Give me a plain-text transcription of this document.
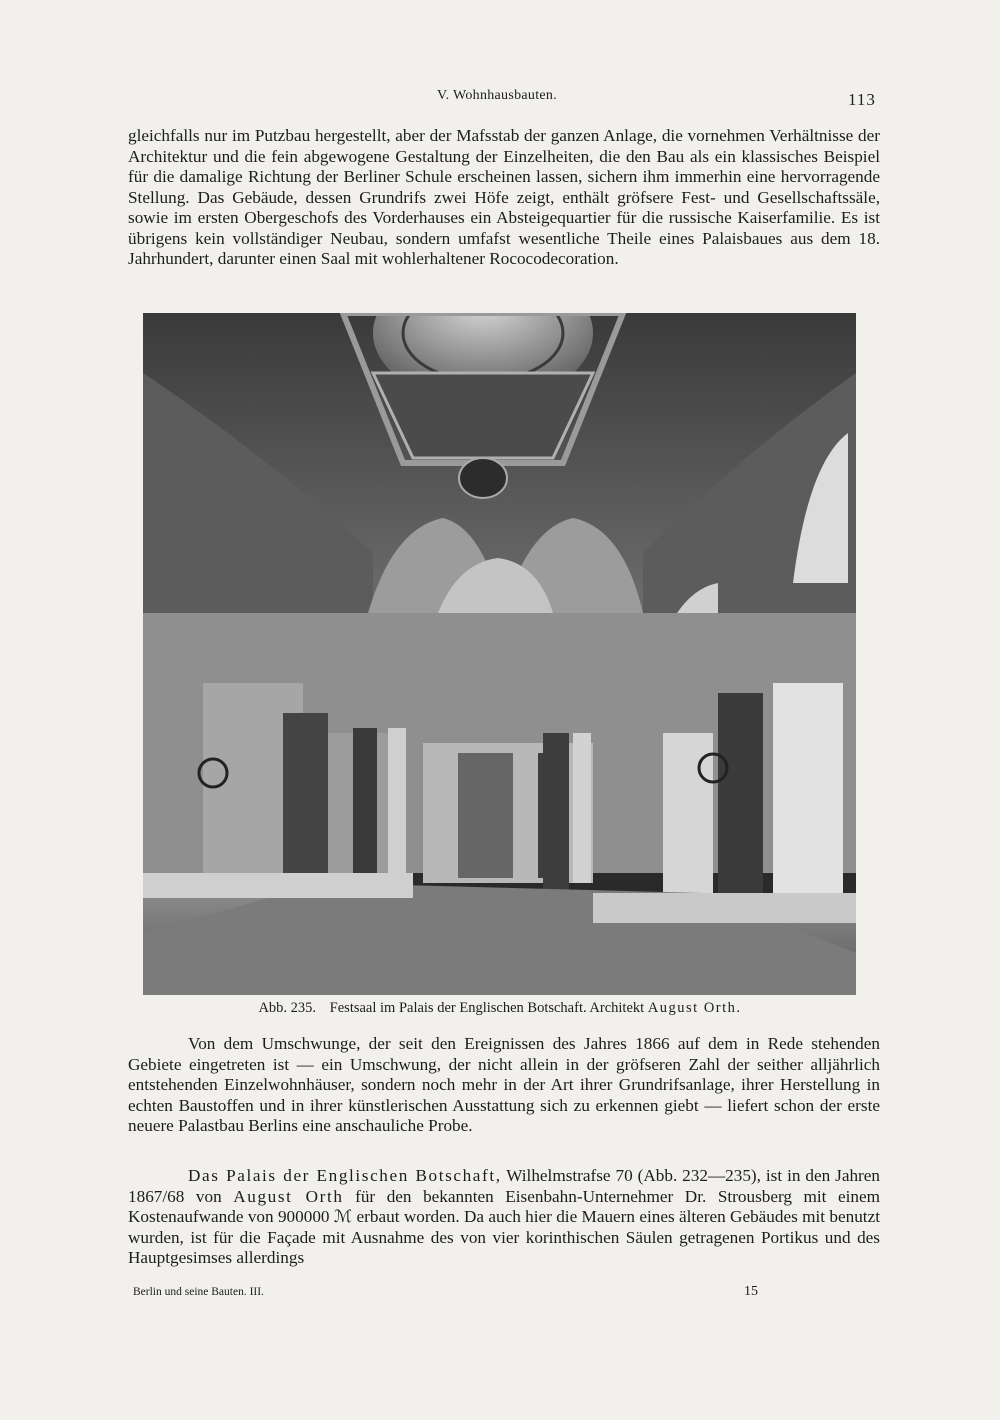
V. Wohnhausbauten.	113

gleichfalls nur im Putzbau hergestellt, aber der Mafsstab der ganzen Anlage, die vornehmen Verhältnisse der Architektur und die fein abgewogene Gestaltung der Einzelheiten, die den Bau als ein klassisches Beispiel für die damalige Richtung der Berliner Schule erscheinen lassen, sichern ihm immerhin eine hervorragende Stellung. Das Gebäude, dessen Grundrifs zwei Höfe zeigt, enthält gröfsere Fest- und Gesellschaftssäle, sowie im ersten Obergeschofs des Vorderhauses ein Absteigequartier für die russische Kaiserfamilie. Es ist übrigens kein vollständiger Neubau, sondern umfafst wesentliche Theile eines Palaisbaues aus dem 18. Jahrhundert, darunter einen Saal mit wohlerhaltener Rococodecoration.

Abb. 235. Festsaal im Palais der Englischen Botschaft. Architekt August Orth.

Von dem Umschwunge, der seit den Ereignissen des Jahres 1866 auf dem in Rede stehenden Gebiete eingetreten ist — ein Umschwung, der nicht allein in der gröfseren Zahl der seither alljährlich entstehenden Einzelwohnhäuser, sondern noch mehr in der Art ihrer Grundrifsanlage, ihrer Herstellung in echten Baustoffen und in ihrer künstlerischen Ausstattung sich zu erkennen giebt — liefert schon der erste neuere Palastbau Berlins eine anschauliche Probe.

Das Palais der Englischen Botschaft, Wilhelmstrafse 70 (Abb. 232—235), ist in den Jahren 1867/68 von August Orth für den bekannten Eisenbahn-Unternehmer Dr. Strousberg mit einem Kostenaufwande von 900000 ℳ erbaut worden. Da auch hier die Mauern eines älteren Gebäudes mit benutzt wurden, ist für die Façade mit Ausnahme des von vier korinthischen Säulen getragenen Portikus und des Hauptgesimses allerdings

Berlin und seine Bauten. III.	15
